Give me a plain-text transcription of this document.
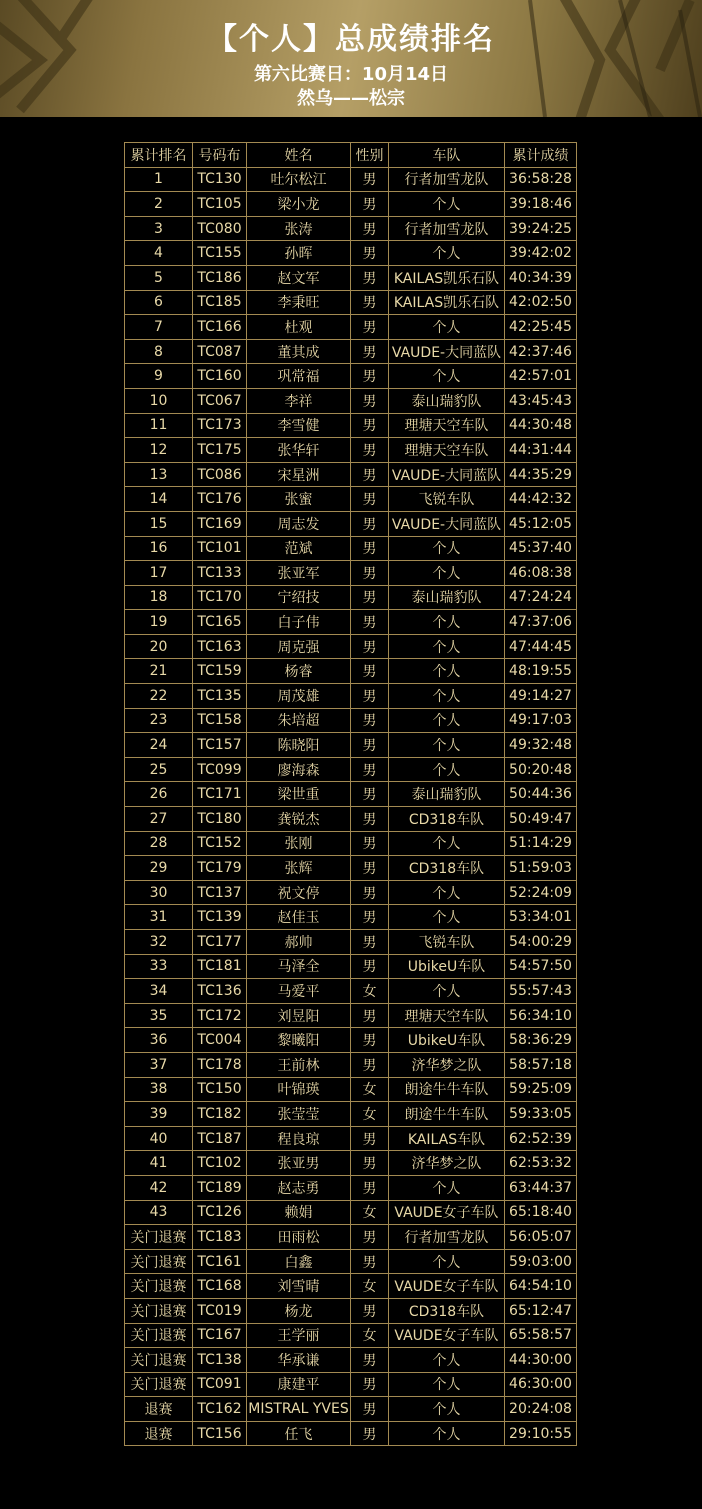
【个人】总成绩排名
第六比赛日：10月14日
然乌——松宗
累计排名	号码布	姓名	性别	车队	累计成绩
1	TC130	吐尔松江	男	行者加雪龙队	36:58:28
2	TC105	梁小龙	男	个人	39:18:46
3	TC080	张涛	男	行者加雪龙队	39:24:25
4	TC155	孙晖	男	个人	39:42:02
5	TC186	赵文军	男	KAILAS凯乐石队	40:34:39
6	TC185	李秉旺	男	KAILAS凯乐石队	42:02:50
7	TC166	杜观	男	个人	42:25:45
8	TC087	董其成	男	VAUDE-大同蓝队	42:37:46
9	TC160	巩常福	男	个人	42:57:01
10	TC067	李祥	男	泰山瑞豹队	43:45:43
11	TC173	李雪健	男	理塘天空车队	44:30:48
12	TC175	张华轩	男	理塘天空车队	44:31:44
13	TC086	宋星洲	男	VAUDE-大同蓝队	44:35:29
14	TC176	张蜜	男	飞锐车队	44:42:32
15	TC169	周志发	男	VAUDE-大同蓝队	45:12:05
16	TC101	范斌	男	个人	45:37:40
17	TC133	张亚军	男	个人	46:08:38
18	TC170	宁绍技	男	泰山瑞豹队	47:24:24
19	TC165	白子伟	男	个人	47:37:06
20	TC163	周克强	男	个人	47:44:45
21	TC159	杨睿	男	个人	48:19:55
22	TC135	周茂雄	男	个人	49:14:27
23	TC158	朱培超	男	个人	49:17:03
24	TC157	陈晓阳	男	个人	49:32:48
25	TC099	廖海森	男	个人	50:20:48
26	TC171	梁世重	男	泰山瑞豹队	50:44:36
27	TC180	龚锐杰	男	CD318车队	50:49:47
28	TC152	张刚	男	个人	51:14:29
29	TC179	张辉	男	CD318车队	51:59:03
30	TC137	祝文停	男	个人	52:24:09
31	TC139	赵佳玉	男	个人	53:34:01
32	TC177	郝帅	男	飞锐车队	54:00:29
33	TC181	马泽全	男	UbikeU车队	54:57:50
34	TC136	马爱平	女	个人	55:57:43
35	TC172	刘昱阳	男	理塘天空车队	56:34:10
36	TC004	黎曦阳	男	UbikeU车队	58:36:29
37	TC178	王前林	男	济华梦之队	58:57:18
38	TC150	叶锦瑛	女	朗途牛牛车队	59:25:09
39	TC182	张莹莹	女	朗途牛牛车队	59:33:05
40	TC187	程良琼	男	KAILAS车队	62:52:39
41	TC102	张亚男	男	济华梦之队	62:53:32
42	TC189	赵志勇	男	个人	63:44:37
43	TC126	赖娟	女	VAUDE女子车队	65:18:40
关门退赛	TC183	田雨松	男	行者加雪龙队	56:05:07
关门退赛	TC161	白鑫	男	个人	59:03:00
关门退赛	TC168	刘雪晴	女	VAUDE女子车队	64:54:10
关门退赛	TC019	杨龙	男	CD318车队	65:12:47
关门退赛	TC167	王学丽	女	VAUDE女子车队	65:58:57
关门退赛	TC138	华承谦	男	个人	44:30:00
关门退赛	TC091	康建平	男	个人	46:30:00
退赛	TC162	MISTRAL YVES	男	个人	20:24:08
退赛	TC156	任飞	男	个人	29:10:55
